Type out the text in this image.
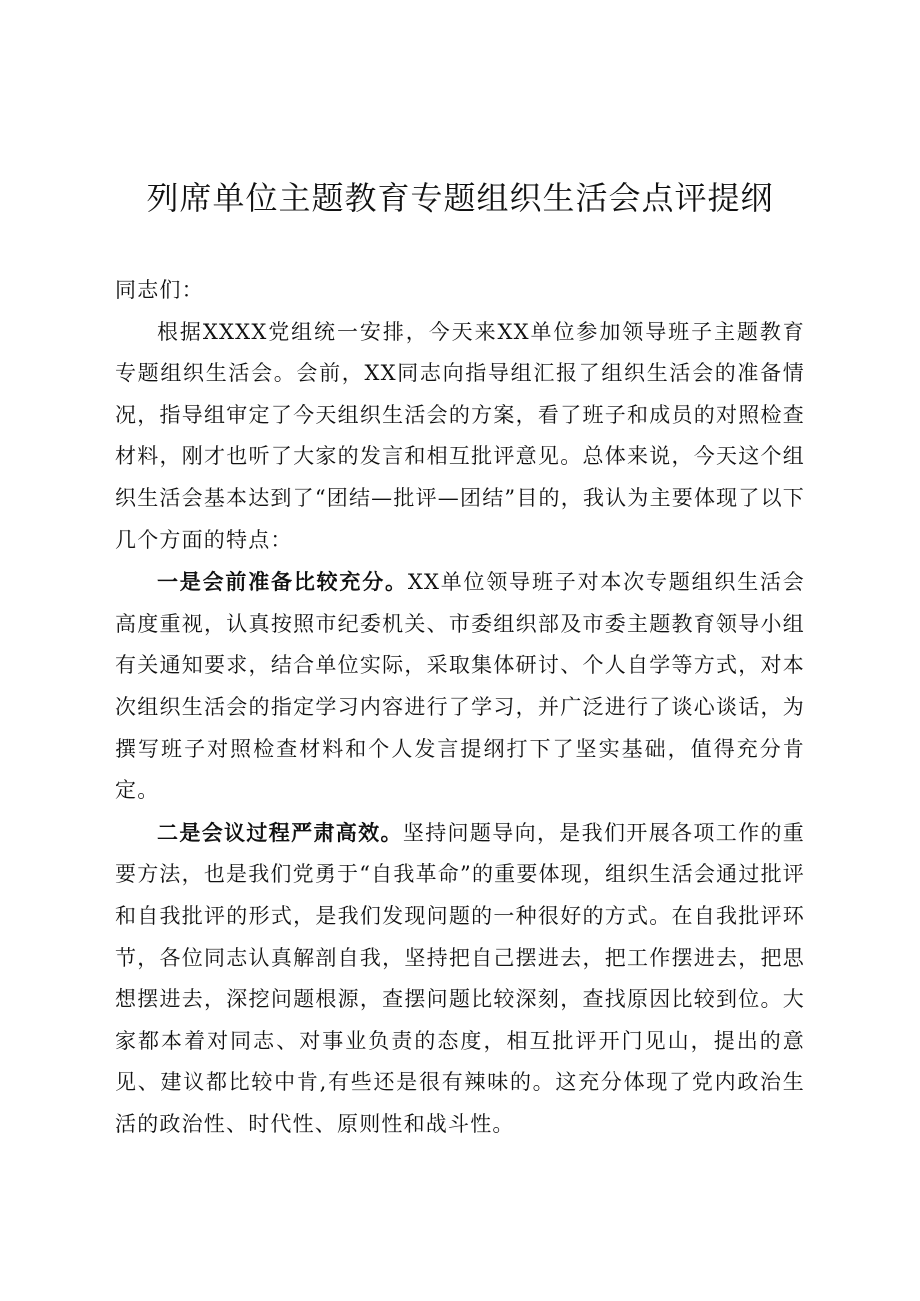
列席单位主题教育专题组织生活会点评提纲

同志们：

根据XXXX党组统一安排，今天来XX单位参加领导班子主题教育专题组织生活会。会前，XX同志向指导组汇报了组织生活会的准备情况，指导组审定了今天组织生活会的方案，看了班子和成员的对照检查材料，刚才也听了大家的发言和相互批评意见。总体来说，今天这个组织生活会基本达到了“团结—批评—团结”目的，我认为主要体现了以下几个方面的特点：

一是会前准备比较充分。XX单位领导班子对本次专题组织生活会高度重视，认真按照市纪委机关、市委组织部及市委主题教育领导小组有关通知要求，结合单位实际，采取集体研讨、个人自学等方式，对本次组织生活会的指定学习内容进行了学习，并广泛进行了谈心谈话，为撰写班子对照检查材料和个人发言提纲打下了坚实基础，值得充分肯定。

二是会议过程严肃高效。坚持问题导向，是我们开展各项工作的重要方法，也是我们党勇于“自我革命”的重要体现，组织生活会通过批评和自我批评的形式，是我们发现问题的一种很好的方式。在自我批评环节，各位同志认真解剖自我，坚持把自己摆进去，把工作摆进去，把思想摆进去，深挖问题根源，查摆问题比较深刻，查找原因比较到位。大家都本着对同志、对事业负责的态度，相互批评开门见山，提出的意见、建议都比较中肯,有些还是很有辣味的。这充分体现了党内政治生活的政治性、时代性、原则性和战斗性。
